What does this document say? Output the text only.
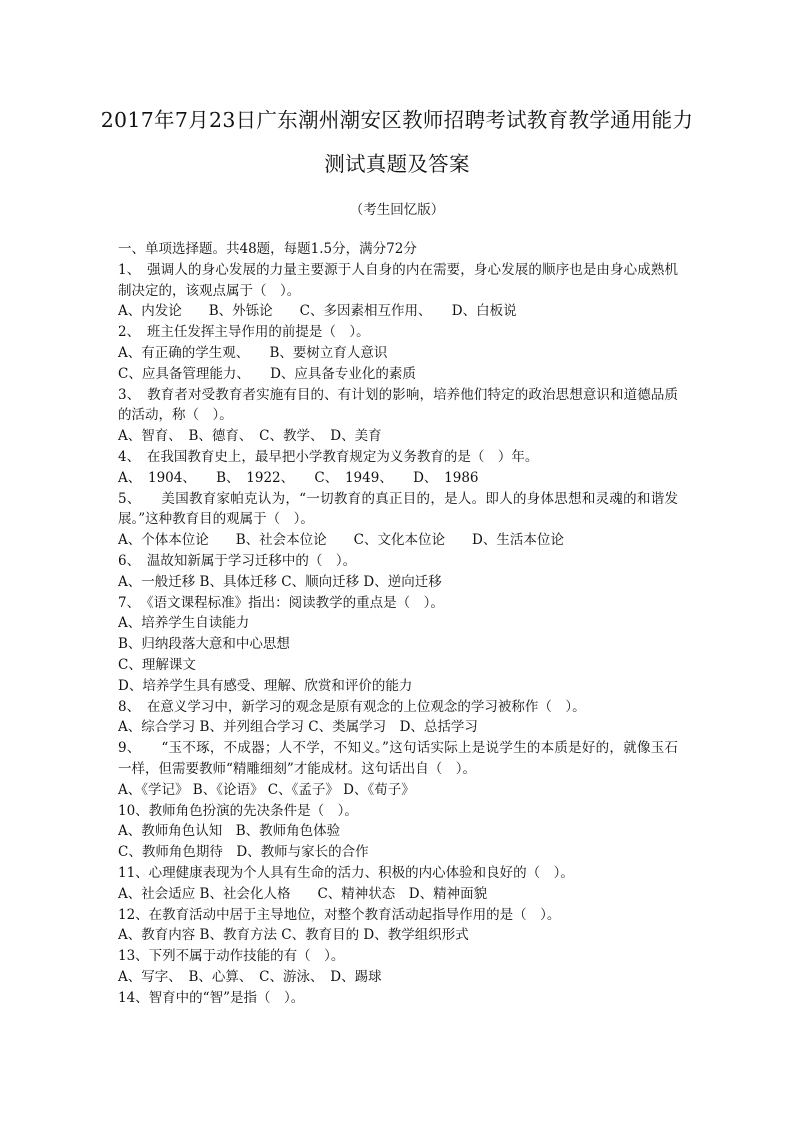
2017年7月23日广东潮州潮安区教师招聘考试教育教学通用能力测试真题及答案
（考生回忆版）
一、单项选择题。共48题，每题1.5分，满分72分
1、　强调人的身心发展的力量主要源于人自身的内在需要，身心发展的顺序也是由身心成熟机制决定的，该观点属于（　）。
A、内发论　　B、外铄论　　C、多因素相互作用、　　D、白板说
2、　班主任发挥主导作用的前提是（　）。
A、有正确的学生观、　　B、要树立育人意识
C、应具备管理能力、　　D、应具备专业化的素质
3、　教育者对受教育者实施有目的、有计划的影响，培养他们特定的政治思想意识和道德品质的活动，称（　）。
A、智育、　B、德育、　C、教学、　D、美育
4、　在我国教育史上，最早把小学教育规定为义务教育的是（　）年。
A、　1904、　　B、　1922、　　C、　1949、　　D、　1986
5、　　美国教育家帕克认为，“一切教育的真正目的，是人。即人的身体思想和灵魂的和谐发展。”这种教育目的观属于（　）。
A、个体本位论　　B、社会本位论　　C、文化本位论　　D、生活本位论
6、　温故知新属于学习迁移中的（　）。
A、一般迁移 B、具体迁移 C、顺向迁移 D、逆向迁移
7、　《语文课程标准》指出：阅读教学的重点是（　）。
A、培养学生自读能力
B、归纳段落大意和中心思想
C、理解课文
D、培养学生具有感受、理解、欣赏和评价的能力
8、　在意义学习中，新学习的观念是原有观念的上位观念的学习被称作（　）。
A、综合学习 B、并列组合学习 C、类属学习　D、总括学习
9、　　“玉不琢，不成器；人不学，不知义。”这句话实际上是说学生的本质是好的，就像玉石一样，但需要教师“精雕细刻”才能成材。这句话出自（　）。
A、《学记》 B、《论语》 C、《孟子》 D、《荀子》
10、教师角色扮演的先决条件是（　）。
A、教师角色认知　B、教师角色体验
C、教师角色期待　D、教师与家长的合作
11、心理健康表现为个人具有生命的活力、积极的内心体验和良好的（　）。
A、社会适应 B、社会化人格　　C、精神状态　D、精神面貌
12、在教育活动中居于主导地位，对整个教育活动起指导作用的是（　）。
A、教育内容 B、教育方法 C、教育目的 D、教学组织形式
13、下列不属于动作技能的有（　）。
A、写字、　B、心算、　C、游泳、　D、踢球
14、智育中的“智”是指（　）。
